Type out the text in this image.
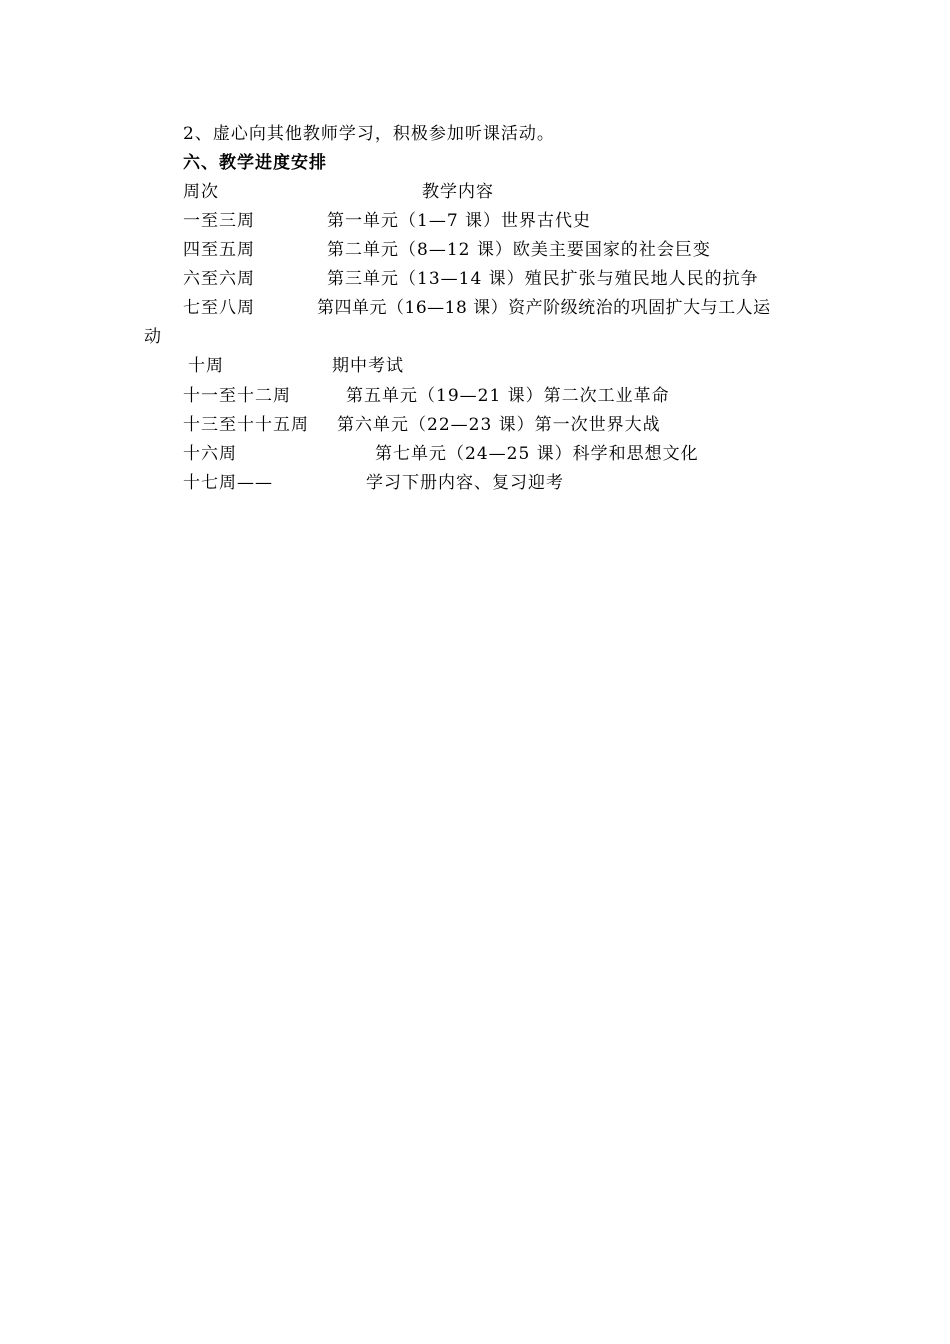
2、虚心向其他教师学习，积极参加听课活动。
六、教学进度安排
周次	教学内容
一至三周	第一单元（1—7 课）世界古代史
四至五周	第二单元（8—12 课）欧美主要国家的社会巨变
六至六周	第三单元（13—14 课）殖民扩张与殖民地人民的抗争
七至八周	第四单元（16—18 课）资产阶级统治的巩固扩大与工人运
动
十周	期中考试
十一至十二周	第五单元（19—21 课）第二次工业革命
十三至十十五周 第六单元（22—23 课）第一次世界大战
十六周	第七单元（24—25 课）科学和思想文化
十七周——	学习下册内容、复习迎考
